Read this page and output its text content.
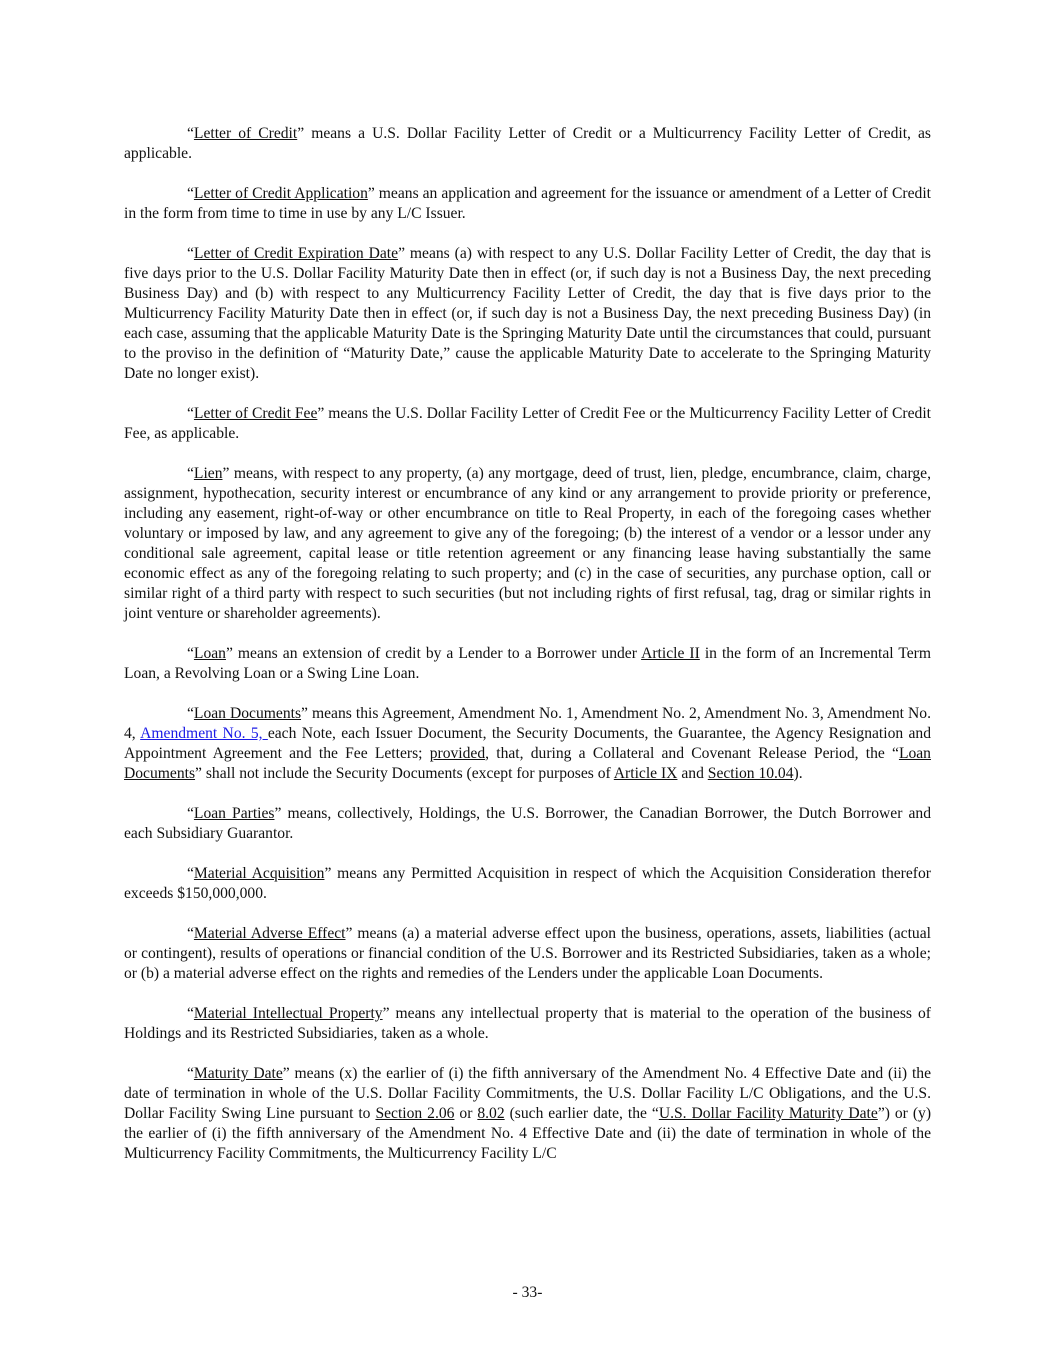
“Letter of Credit” means a U.S. Dollar Facility Letter of Credit or a Multicurrency Facility Letter of Credit, as applicable.

“Letter of Credit Application” means an application and agreement for the issuance or amendment of a Letter of Credit in the form from time to time in use by any L/C Issuer.

“Letter of Credit Expiration Date” means (a) with respect to any U.S. Dollar Facility Letter of Credit, the day that is five days prior to the U.S. Dollar Facility Maturity Date then in effect (or, if such day is not a Business Day, the next preceding Business Day) and (b) with respect to any Multicurrency Facility Letter of Credit, the day that is five days prior to the Multicurrency Facility Maturity Date then in effect (or, if such day is not a Business Day, the next preceding Business Day) (in each case, assuming that the applicable Maturity Date is the Springing Maturity Date until the circumstances that could, pursuant to the proviso in the definition of “Maturity Date,” cause the applicable Maturity Date to accelerate to the Springing Maturity Date no longer exist).

“Letter of Credit Fee” means the U.S. Dollar Facility Letter of Credit Fee or the Multicurrency Facility Letter of Credit Fee, as applicable.

“Lien” means, with respect to any property, (a) any mortgage, deed of trust, lien, pledge, encumbrance, claim, charge, assignment, hypothecation, security interest or encumbrance of any kind or any arrangement to provide priority or preference, including any easement, right-of-way or other encumbrance on title to Real Property, in each of the foregoing cases whether voluntary or imposed by law, and any agreement to give any of the foregoing; (b) the interest of a vendor or a lessor under any conditional sale agreement, capital lease or title retention agreement or any financing lease having substantially the same economic effect as any of the foregoing relating to such property; and (c) in the case of securities, any purchase option, call or similar right of a third party with respect to such securities (but not including rights of first refusal, tag, drag or similar rights in joint venture or shareholder agreements).

“Loan” means an extension of credit by a Lender to a Borrower under Article II in the form of an Incremental Term Loan, a Revolving Loan or a Swing Line Loan.

“Loan Documents” means this Agreement, Amendment No. 1, Amendment No. 2, Amendment No. 3, Amendment No. 4, Amendment No. 5, each Note, each Issuer Document, the Security Documents, the Guarantee, the Agency Resignation and Appointment Agreement and the Fee Letters; provided, that, during a Collateral and Covenant Release Period, the “Loan Documents” shall not include the Security Documents (except for purposes of Article IX and Section 10.04).

“Loan Parties” means, collectively, Holdings, the U.S. Borrower, the Canadian Borrower, the Dutch Borrower and each Subsidiary Guarantor.

“Material Acquisition” means any Permitted Acquisition in respect of which the Acquisition Consideration therefor exceeds $150,000,000.

“Material Adverse Effect” means (a) a material adverse effect upon the business, operations, assets, liabilities (actual or contingent), results of operations or financial condition of the U.S. Borrower and its Restricted Subsidiaries, taken as a whole; or (b) a material adverse effect on the rights and remedies of the Lenders under the applicable Loan Documents.

“Material Intellectual Property” means any intellectual property that is material to the operation of the business of Holdings and its Restricted Subsidiaries, taken as a whole.

“Maturity Date” means (x) the earlier of (i) the fifth anniversary of the Amendment No. 4 Effective Date and (ii) the date of termination in whole of the U.S. Dollar Facility Commitments, the U.S. Dollar Facility L/C Obligations, and the U.S. Dollar Facility Swing Line pursuant to Section 2.06 or 8.02 (such earlier date, the “U.S. Dollar Facility Maturity Date”) or (y) the earlier of (i) the fifth anniversary of the Amendment No. 4 Effective Date and (ii) the date of termination in whole of the Multicurrency Facility Commitments, the Multicurrency Facility L/C

- 33-
